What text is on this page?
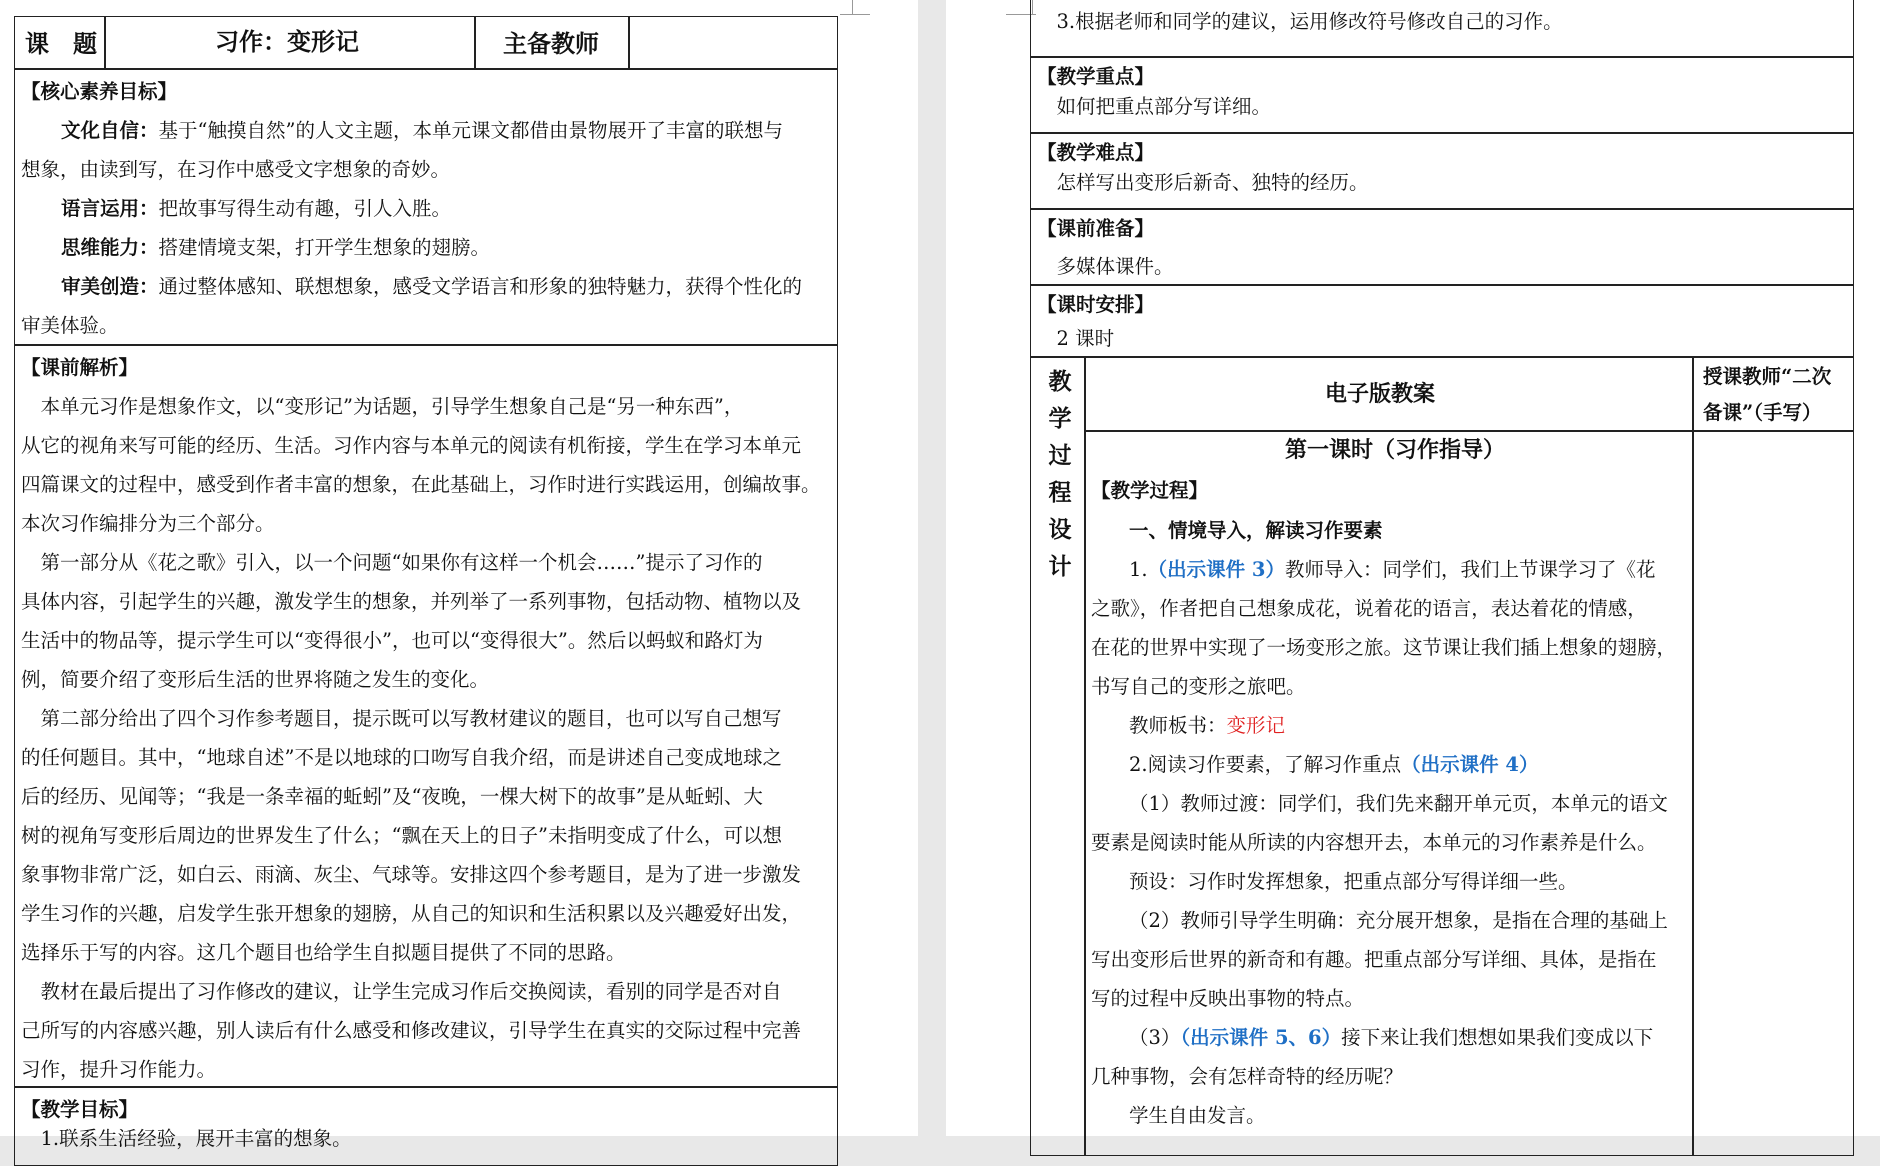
课　题	习作：变形记	主备教师
【核心素养目标】
文化自信：基于“触摸自然”的人文主题，本单元课文都借由景物展开了丰富的联想与
想象，由读到写，在习作中感受文字想象的奇妙。
语言运用：把故事写得生动有趣，引人入胜。
思维能力：搭建情境支架，打开学生想象的翅膀。
审美创造：通过整体感知、联想想象，感受文学语言和形象的独特魅力，获得个性化的
审美体验。
【课前解析】
　本单元习作是想象作文，以“变形记”为话题，引导学生想象自己是“另一种东西”，
从它的视角来写可能的经历、生活。习作内容与本单元的阅读有机衔接，学生在学习本单元
四篇课文的过程中，感受到作者丰富的想象，在此基础上，习作时进行实践运用，创编故事。
本次习作编排分为三个部分。
　第一部分从《花之歌》引入，以一个问题“如果你有这样一个机会……”提示了习作的
具体内容，引起学生的兴趣，激发学生的想象，并列举了一系列事物，包括动物、植物以及
生活中的物品等，提示学生可以“变得很小”，也可以“变得很大”。然后以蚂蚁和路灯为
例，简要介绍了变形后生活的世界将随之发生的变化。
　第二部分给出了四个习作参考题目，提示既可以写教材建议的题目，也可以写自己想写
的任何题目。其中，“地球自述”不是以地球的口吻写自我介绍，而是讲述自己变成地球之
后的经历、见闻等；“我是一条幸福的蚯蚓”及“夜晚，一棵大树下的故事”是从蚯蚓、大
树的视角写变形后周边的世界发生了什么；“飘在天上的日子”未指明变成了什么，可以想
象事物非常广泛，如白云、雨滴、灰尘、气球等。安排这四个参考题目，是为了进一步激发
学生习作的兴趣，启发学生张开想象的翅膀，从自己的知识和生活积累以及兴趣爱好出发，
选择乐于写的内容。这几个题目也给学生自拟题目提供了不同的思路。
　教材在最后提出了习作修改的建议，让学生完成习作后交换阅读，看别的同学是否对自
己所写的内容感兴趣，别人读后有什么感受和修改建议，引导学生在真实的交际过程中完善
习作，提升习作能力。
【教学目标】
　1.联系生活经验，展开丰富的想象。
　3.根据老师和同学的建议，运用修改符号修改自己的习作。
【教学重点】
　如何把重点部分写详细。
【教学难点】
　怎样写出变形后新奇、独特的经历。
【课前准备】
　多媒体课件。
【课时安排】
　2 课时
教
学
过
程
设
计
电子版教案
授课教师“二次
备课”（手写）
第一课时（习作指导）
【教学过程】
一、情境导入，解读习作要素
1.（出示课件 3）教师导入：同学们，我们上节课学习了《花
之歌》，作者把自己想象成花，说着花的语言，表达着花的情感，
在花的世界中实现了一场变形之旅。这节课让我们插上想象的翅膀，
书写自己的变形之旅吧。
教师板书：变形记
2.阅读习作要素，了解习作重点（出示课件 4）
（1）教师过渡：同学们，我们先来翻开单元页，本单元的语文
要素是阅读时能从所读的内容想开去，本单元的习作素养是什么。
预设：习作时发挥想象，把重点部分写得详细一些。
（2）教师引导学生明确：充分展开想象，是指在合理的基础上
写出变形后世界的新奇和有趣。把重点部分写详细、具体，是指在
写的过程中反映出事物的特点。
（3）（出示课件 5、6）接下来让我们想想如果我们变成以下
几种事物，会有怎样奇特的经历呢？
学生自由发言。
